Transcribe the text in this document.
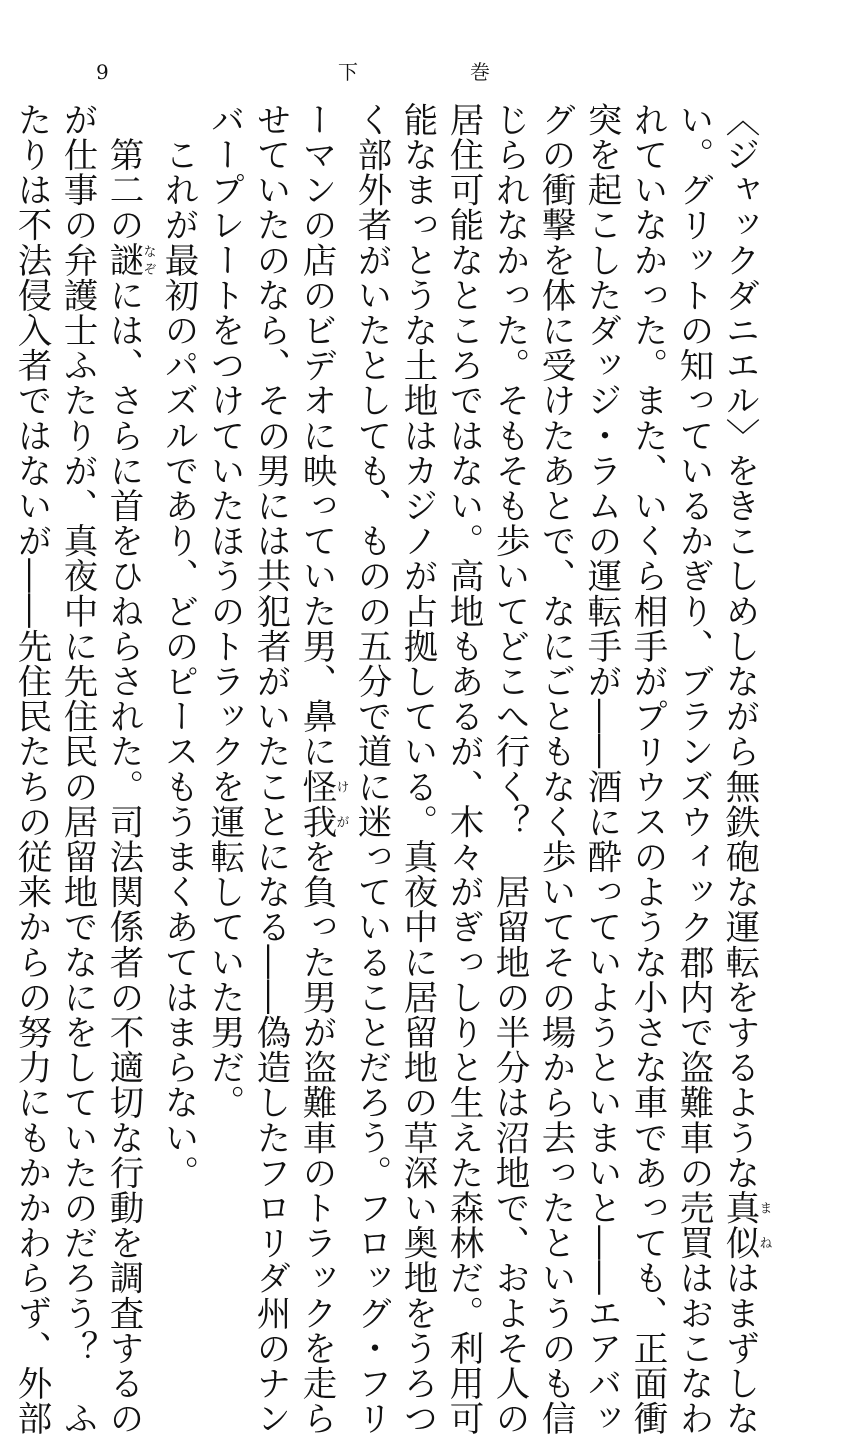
9	下巻
〈ジャックダニエル〉をきこしめしながら無鉄砲な運転をするような真似まねはまずしな
い。グリットの知っているかぎり、ブランズウィック郡内で盗難車の売買はおこなわ
れていなかった。また、いくら相手がプリウスのような小さな車であっても、正面衝
突を起こしたダッジ・ラムの運転手が――酒に酔っていようといまいと――エアバッ
グの衝撃を体に受けたあとで、なにごともなく歩いてその場から去ったというのも信
じられなかった。そもそも歩いてどこへ行く？　居留地の半分は沼地で、およそ人の
居住可能なところではない。高地もあるが、木々がぎっしりと生えた森林だ。利用可
能なまっとうな土地はカジノが占拠している。真夜中に居留地の草深い奥地をうろつ
く部外者がいたとしても、ものの五分で道に迷っていることだろう。フロッグ・フリ
ーマンの店のビデオに映っていた男、鼻に怪我けがを負った男が盗難車のトラックを走ら
せていたのなら、その男には共犯者がいたことになる――偽造したフロリダ州のナン
バープレートをつけていたほうのトラックを運転していた男だ。
　これが最初のパズルであり、どのピースもうまくあてはまらない。
　第二の謎なぞには、さらに首をひねらされた。司法関係者の不適切な行動を調査するの
が仕事の弁護士ふたりが、真夜中に先住民の居留地でなにをしていたのだろう？　ふ
たりは不法侵入者ではないが――先住民たちの従来からの努力にもかかわらず、外部
